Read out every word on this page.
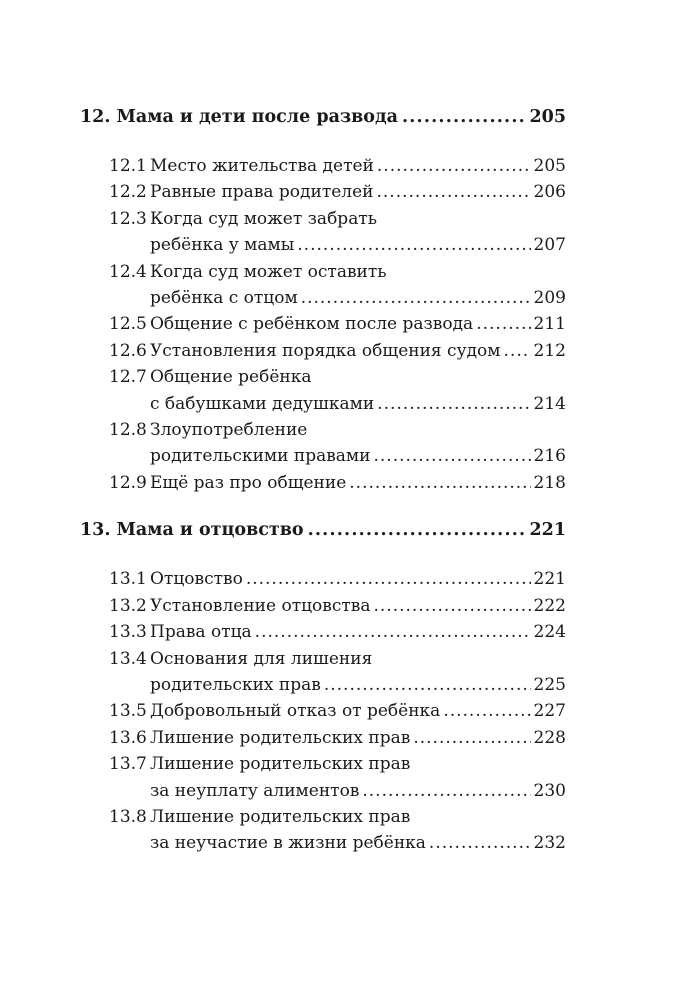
12. Мама и дети после развода .....	205
12.1 Место жительства детей .....	205
12.2 Равные права родителей .....	206
12.3 Когда суд может забрать
ребёнка у мамы .....	207
12.4 Когда суд может оставить
ребёнка с отцом .....	209
12.5 Общение с ребёнком после развода .....	211
12.6 Установления порядка общения судом ..... 212
12.7 Общение ребёнка
с бабушками дедушками .....	214
12.8 Злоупотребление
родительскими правами .....	216
12.9 Ещё раз про общение .....	218
13. Мама и отцовство .....	221
13.1 Отцовство .....	221
13.2 Установление отцовства .....	222
13.3 Права отца .....	224
13.4 Основания для лишения
родительских прав .....	225
13.5 Добровольный отказ от ребёнка .....	227
13.6 Лишение родительских прав .....	228
13.7 Лишение родительских прав
за неуплату алиментов .....	230
13.8 Лишение родительских прав
за неучастие в жизни ребёнка .....	232
